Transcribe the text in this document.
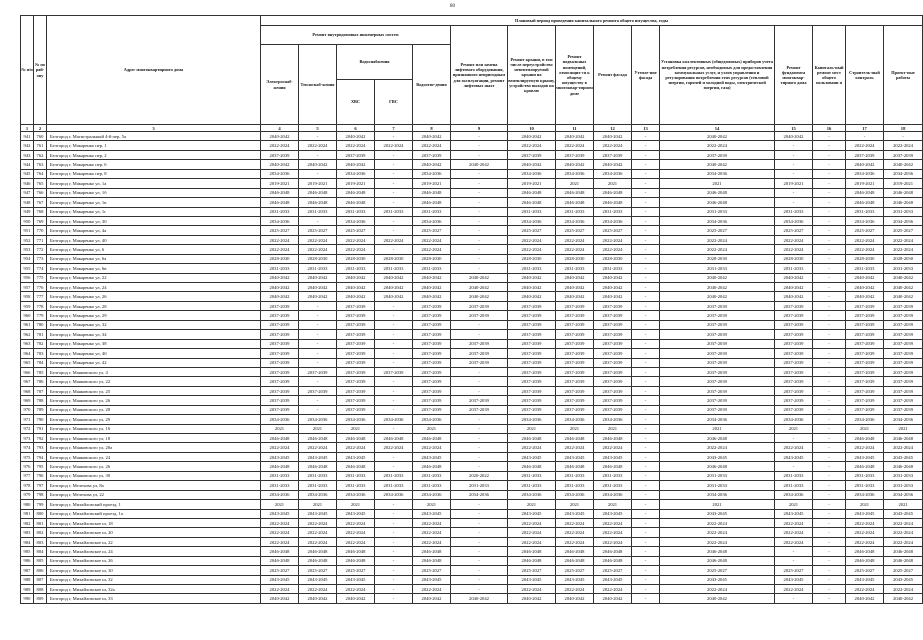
80
№ п/п	№ по рай-ону	Адрес многоквартирного дома	Плановый период проведения капитального ремонта общего имущества, годы														
			Ремонт внутридомовых инженерных систем					Ремонт или замена лифтового оборудования, признанного непригодным для эксплуатации, ремонт лифтовых шахт	Ремонт крыши, в том числе переустройство невентилируемой крыши на вентилируемую крышу, устройство выходов на кровлю	Ремонт подвальных помещений, относящих-ся к общему имуществу в многоквар-тирном доме	Ремонт фасада	Утепле-ние фасада	Установка коллективных (общедомовых) приборов учета потребления ресурсов, необходимых для предоставления коммунальных услуг, и узлов управления и регулирования потребления этих ресурсов (тепловой энергии, горячей и холодной воды, электрической энергии, газа)	Ремонт фундамента многоквар-тирного дома	Капиталь-ный ремонт мест общего пользовани я	Строитель-ный контроль	Проект-ные работы
			Электроснаб-жения	Теплоснаб-жения	Водоснабжения
ХВС ГВС		Водоотве-дения										
1	2	3	4	5	6	7	8	9	10	11	12	13	14	15	16	17	18
941	760	Белгород г, Магистральный 4-й пер, 5а	2040-2042	-	2040-2042	-	2040-2042	-	2040-2042	2040-2042	2040-2042	-	2040-2042	2040-2042	-	-	-
942	761	Белгород г, Макаренко пер, 1	2022-2024	2022-2024	2022-2024	2022-2024	2022-2024	-	2022-2024	2022-2024	2022-2024	-	2022-2024	-	-	2022-2024	2022-2024
943	762	Белгород г, Макаренко пер, 2	2037-2039	-	2037-2039	-	2037-2039	-	2037-2039	2037-2039	2037-2039	-	2037-2039	-	-	2037-2039	2037-2039
944	763	Белгород г, Макаренко пер, 6	2040-2042	2040-2042	2040-2042	-	2040-2042	2040-2042	2040-2042	2040-2042	2040-2042	-	2040-2042	-	-	2040-2042	2040-2042
945	764	Белгород г, Макаренко пер, 8	2034-2036	-	2034-2036	-	2034-2036	-	2034-2036	2034-2036	2034-2036	-	2034-2036	-	-	2034-2036	2034-2036
946	765	Белгород г, Макаренко ул, 1а	2019-2021	2019-2021	2019-2021	-	2019-2021	-	2019-2021	2021	2021	-	2021	2019-2021	-	2019-2021	2019-2021
947	766	Белгород г, Макаренко ул, 1б	2046-2048	2046-2048	2046-2048	-	2046-2048	-	2046-2048	2046-2048	2046-2048	-	2046-2048	-	-	2046-2048	2046-2048
948	767	Белгород г, Макаренко ул, 1в	2046-2048	2046-2048	2046-2048	-	2046-2048	-	2046-2048	2046-2048	2046-2048	-	2046-2048	-	-	2046-2048	2046-2048
949	768	Белгород г, Макаренко ул, 1г	2031-2033	2031-2033	2031-2033	2031-2033	2031-2033	-	2031-2033	2031-2033	2031-2033	-	2031-2033	2031-2033	-	2031-2033	2031-2033
950	769	Белгород г, Макаренко ул, 30	2034-2036	-	2034-2036	-	2034-2036	-	2034-2036	2034-2036	2034-2036	-	2034-2036	2034-2036	-	2034-2036	2034-2036
951	770	Белгород г, Макаренко ул, 4а	2025-2027	2025-2027	2025-2027	-	2025-2027	-	2025-2027	2025-2027	2025-2027	-	2025-2027	2025-2027	-	2025-2027	2025-2027
952	771	Белгород г, Макаренко ул, 40	2022-2024	2022-2024	2022-2024	2022-2024	2022-2024	-	2022-2024	2022-2024	2022-2024	-	2022-2024	2022-2024	-	2022-2024	2022-2024
953	772	Белгород г, Макаренко ул, 6	2022-2024	2022-2024	2022-2024	-	2022-2024	-	2022-2024	2022-2024	2022-2024	-	2022-2024	2022-2024	-	2022-2024	2022-2024
954	773	Белгород г, Макаренко ул, 6а	2028-2030	2028-2030	2028-2030	2028-2030	2028-2030	-	2028-2030	2028-2030	2028-2030	-	2028-2030	2028-2030	-	2028-2030	2028-2030
955	774	Белгород г, Макаренко ул, 6в	2031-2033	2031-2033	2031-2033	2031-2033	2031-2033	-	2031-2033	2031-2033	2031-2033	-	2031-2033	2031-2033	-	2031-2033	2031-2033
956	775	Белгород г, Макаренко ул, 22	2040-2042	2040-2042	2040-2042	2040-2042	2040-2042	2040-2042	2040-2042	2040-2042	2040-2042	-	2040-2042	2040-2042	-	2040-2042	2040-2042
957	776	Белгород г, Макаренко ул, 24	2040-2042	2040-2042	2040-2042	2040-2042	2040-2042	2040-2042	2040-2042	2040-2042	2040-2042	-	2040-2042	2040-2042	-	2040-2042	2040-2042
958	777	Белгород г, Макаренко ул, 26	2040-2042	2040-2042	2040-2042	2040-2042	2040-2042	2040-2042	2040-2042	2040-2042	2040-2042	-	2040-2042	2040-2042	-	2040-2042	2040-2042
959	778	Белгород г, Макаренко ул, 28	2037-2039	-	2037-2039	-	2037-2039	2037-2039	2037-2039	2037-2039	2037-2039	-	2037-2039	2037-2039	-	2037-2039	2037-2039
960	779	Белгород г, Макаренко ул, 29	2037-2039	-	2037-2039	-	2037-2039	2037-2039	2037-2039	2037-2039	2037-2039	-	2037-2039	2037-2039	-	2037-2039	2037-2039
961	780	Белгород г, Макаренко ул, 32	2037-2039	-	2037-2039	-	2037-2039	-	2037-2039	2037-2039	2037-2039	-	2037-2039	2037-2039	-	2037-2039	2037-2039
962	781	Белгород г, Макаренко ул, 34	2037-2039	-	2037-2039	-	2037-2039	-	2037-2039	2037-2039	2037-2039	-	2037-2039	2037-2039	-	2037-2039	2037-2039
963	782	Белгород г, Макаренко ул, 38	2037-2039	-	2037-2039	-	2037-2039	2037-2039	2037-2039	2037-2039	2037-2039	-	2037-2039	2037-2039	-	2037-2039	2037-2039
964	783	Белгород г, Макаренко ул, 40	2037-2039	-	2037-2039	-	2037-2039	2037-2039	2037-2039	2037-2039	2037-2039	-	2037-2039	2037-2039	-	2037-2039	2037-2039
965	784	Белгород г, Макаренко ул, 42	2037-2039	-	2037-2039	-	2037-2039	2037-2039	2037-2039	2037-2039	2037-2039	-	2037-2039	2037-2039	-	2037-2039	2037-2039
966	785	Белгород г, Маяковского ул, 4	2037-2039	2037-2039	2037-2039	2037-2039	2037-2039	-	2037-2039	2037-2039	2037-2039	-	2037-2039	2037-2039	-	2037-2039	2037-2039
967	786	Белгород г, Маяковского ул, 22	2037-2039	-	2037-2039	-	2037-2039	-	2037-2039	2037-2039	2037-2039	-	2037-2039	2037-2039	-	2037-2039	2037-2039
968	787	Белгород г, Маяковского ул, 25	2037-2039	2037-2039	2037-2039	-	2037-2039	-	2037-2039	2037-2039	2037-2039	-	2037-2039	2037-2039	-	2037-2039	2037-2039
969	788	Белгород г, Маяковского ул, 26	2037-2039	-	2037-2039	-	2037-2039	2037-2039	2037-2039	2037-2039	2037-2039	-	2037-2039	2037-2039	-	2037-2039	2037-2039
970	789	Белгород г, Маяковского ул, 28	2037-2039	-	2037-2039	-	2037-2039	2037-2039	2037-2039	2037-2039	2037-2039	-	2037-2039	2037-2039	-	2037-2039	2037-2039
971	790	Белгород г, Маяковского ул, 29	2034-2036	2034-2036	2034-2036	2034-2036	2034-2036	-	2034-2036	2034-2036	2034-2036	-	2034-2036	2034-2036	-	2034-2036	2034-2036
972	791	Белгород г, Маяковского ул, 16	2021	2021	2021	-	2021	-	2021	2021	2021	-	2021	2021	-	2021	2021
973	792	Белгород г, Маяковского ул, 18	2046-2048	2046-2048	2046-2048	2046-2048	2046-2048	-	2046-2048	2046-2048	2046-2048	-	2046-2048	-	-	2046-2048	2046-2048
974	793	Белгород г, Маяковского ул, 20а	2022-2024	2022-2024	2022-2024	2022-2024	2022-2024	-	2022-2024	2022-2024	2022-2024	-	2022-2024	2022-2024	-	2022-2024	2022-2024
975	794	Белгород г, Маяковского ул, 24	2043-2045	2043-2045	2043-2045	-	2043-2045	-	2043-2045	2043-2045	2043-2045	-	2043-2045	2043-2045	-	2043-2045	2043-2045
976	795	Белгород г, Маяковского ул, 26	2046-2048	2046-2048	2046-2048	-	2046-2048	-	2046-2048	2046-2048	2046-2048	-	2046-2048	-	-	2046-2048	2046-2048
977	796	Белгород г, Маяковского ул, 30	2031-2033	2031-2033	2031-2033	2031-2033	2031-2033	2020-2022	2031-2033	2031-2033	2031-2033	-	2031-2033	2031-2033	-	2031-2033	2031-2033
978	797	Белгород г, Мелехова ул, 8а	2031-2033	2031-2033	2031-2033	2031-2033	2031-2033	2031-2033	2031-2033	2031-2033	2031-2033	-	2031-2033	2031-2033	-	2031-2033	2031-2033
979	798	Белгород г, Мелехова ул, 22	2034-2036	2034-2036	2034-2036	2034-2036	2034-2036	2034-2036	2034-2036	2034-2036	2034-2036	-	2034-2036	2034-2036	-	2034-2036	2034-2036
980	799	Белгород г, Михайловский проезд, 1	2021	2021	2021	-	2021	-	2021	2021	2021	-	2021	2021	-	2021	2021
981	800	Белгород г, Михайловский проезд, 1а	2043-2045	2043-2045	2043-2045	-	2043-2045	-	2043-2045	2043-2045	2043-2045	-	2043-2045	2043-2045	-	2043-2045	2043-2045
982	801	Белгород г, Михайловское ш, 18	2022-2024	2022-2024	2022-2024	-	2022-2024	-	2022-2024	2022-2024	2022-2024	-	2022-2024	2022-2024	-	2022-2024	2022-2024
983	802	Белгород г, Михайловское ш, 20	2022-2024	2022-2024	2022-2024	-	2022-2024	-	2022-2024	2022-2024	2022-2024	-	2022-2024	2022-2024	-	2022-2024	2022-2024
984	803	Белгород г, Михайловское ш, 22	2022-2024	2022-2024	2022-2024	-	2022-2024	-	2022-2024	2022-2024	2022-2024	-	2022-2024	2022-2024	-	2022-2024	2022-2024
985	804	Белгород г, Михайловское ш, 24	2046-2048	2046-2048	2046-2048	-	2046-2048	-	2046-2048	2046-2048	2046-2048	-	2046-2048	-	-	2046-2048	2046-2048
986	805	Белгород г, Михайловское ш, 26	2046-2048	2046-2048	2046-2048	-	2046-2048	-	2046-2048	2046-2048	2046-2048	-	2046-2048	-	-	2046-2048	2046-2048
987	806	Белгород г, Михайловское ш, 30	2025-2027	2025-2027	2025-2027	-	2025-2027	-	2025-2027	2025-2027	2025-2027	-	2025-2027	2025-2027	-	2025-2027	2025-2027
988	807	Белгород г, Михайловское ш, 32	2043-2045	2043-2045	2043-2045	-	2043-2045	-	2043-2045	2043-2045	2043-2045	-	2043-2045	2043-2045	-	2043-2045	2043-2045
989	808	Белгород г, Михайловское ш, 32а	2022-2024	2022-2024	2022-2024	-	2022-2024	-	2022-2024	2022-2024	2022-2024	-	2022-2024	2022-2024	-	2022-2024	2022-2024
990	809	Белгород г, Михайловское ш, 33	2040-2042	2040-2042	2040-2042	-	2040-2042	2040-2042	2040-2042	2040-2042	2040-2042	-	2040-2042	-	-	2040-2042	2040-2042
